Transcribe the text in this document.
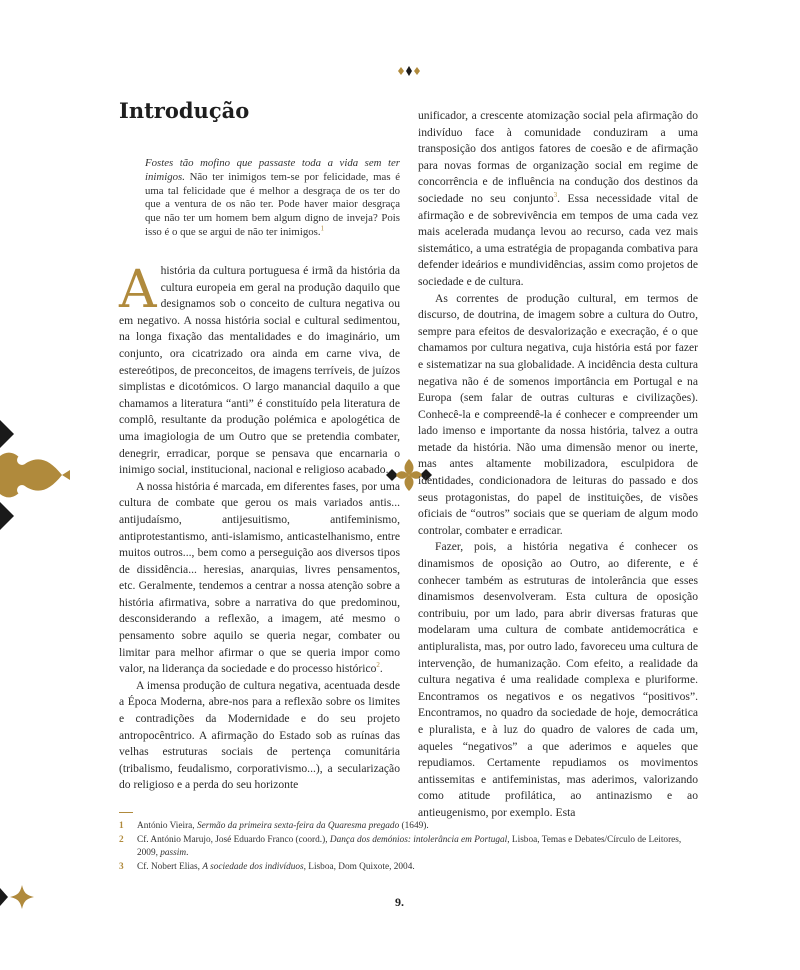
Introdução

Fostes tão mofino que passaste toda a vida sem ter inimigos. Não ter inimigos tem-se por felicidade, mas é uma tal felicidade que é melhor a desgraça de os ter do que a ventura de os não ter. Pode haver maior desgraça que não ter um homem bem algum digno de inveja? Pois isso é o que se argui de não ter inimigos.$^1$

Ahistória da cultura portuguesa é irmã da história da cultura europeia em geral na produção daquilo que designamos sob o conceito de cultura negativa ou em negativo. A nossa história social e cultural sedimentou, na longa fixação das mentalidades e do imaginário, um conjunto, ora cicatrizado ora ainda em carne viva, de estereótipos, de preconceitos, de imagens terríveis, de juízos simplistas e dicotómicos. O largo manancial daquilo a que chamamos a literatura “anti” é constituído pela literatura de complô, resultante da produção polémica e apologética de uma imagiologia de um Outro que se pretendia combater, denegrir, erradicar, porque se pensava que encarnaria o inimigo social, institucional, nacional e religioso acabado.

A nossa história é marcada, em diferentes fases, por uma cultura de combate que gerou os mais variados antis... antijudaísmo, antijesuitismo, antifeminismo, antiprotestantismo, anti-islamismo, anticastelhanismo, entre muitos outros..., bem como a perseguição aos diversos tipos de dissidência... heresias, anarquias, livres pensamentos, etc. Geralmente, tendemos a centrar a nossa atenção sobre a história afirmativa, sobre a narrativa do que predominou, desconsiderando a reflexão, a imagem, até mesmo o pensamento sobre aquilo se queria negar, combater ou limitar para melhor afirmar o que se queria impor como valor, na liderança da sociedade e do processo histórico$^2$.

A imensa produção de cultura negativa, acentuada desde a Época Moderna, abre-nos para a reflexão sobre os limites e contradições da Modernidade e do seu projeto antropocêntrico. A afirmação do Estado sob as ruínas das velhas estruturas sociais de pertença comunitária (tribalismo, feudalismo, corporativismo...), a secularização do religioso e a perda do seu horizonte

unificador, a crescente atomização social pela afirmação do indivíduo face à comunidade conduziram a uma transposição dos antigos fatores de coesão e de afirmação para novas formas de organização social em regime de concorrência e de influência na condução dos destinos da sociedade no seu conjunto$^3$. Essa necessidade vital de afirmação e de sobrevivência em tempos de uma cada vez mais acelerada mudança levou ao recurso, cada vez mais sistemático, a uma estratégia de propaganda combativa para defender ideários e mundividências, assim como projetos de sociedade e de cultura.

As correntes de produção cultural, em termos de discurso, de doutrina, de imagem sobre a cultura do Outro, sempre para efeitos de desvalorização e execração, é o que chamamos por cultura negativa, cuja história está por fazer e sistematizar na sua globalidade. A incidência desta cultura negativa não é de somenos importância em Portugal e na Europa (sem falar de outras culturas e civilizações). Conhecê-la e compreendê-la é conhecer e compreender um lado imenso e importante da nossa história, talvez a outra metade da história. Não uma dimensão menor ou inerte, mas antes altamente mobilizadora, esculpidora de identidades, condicionadora de leituras do passado e dos seus protagonistas, do papel de instituições, de visões oficiais de “outros” sociais que se queriam de algum modo controlar, combater e erradicar.

Fazer, pois, a história negativa é conhecer os dinamismos de oposição ao Outro, ao diferente, e é conhecer também as estruturas de intolerância que esses dinamismos desenvolveram. Esta cultura de oposição contribuiu, por um lado, para abrir diversas fraturas que modelaram uma cultura de combate antidemocrática e antipluralista, mas, por outro lado, favoreceu uma cultura de intervenção, de humanização. Com efeito, a realidade da cultura negativa é uma realidade complexa e pluriforme. Encontramos os negativos e os negativos “positivos”. Encontramos, no quadro da sociedade de hoje, democrática e pluralista, e à luz do quadro de valores de cada um, aqueles “negativos” a que aderimos e aqueles que repudiamos. Certamente repudiamos os movimentos antissemitas e antifeministas, mas aderimos, valorizando como atitude profilática, ao antinazismo e ao antieugenismo, por exemplo. Esta

1	António Vieira, Sermão da primeira sexta-feira da Quaresma pregado (1649).
2	Cf. António Marujo, José Eduardo Franco (coord.), Dança dos demónios: intolerância em Portugal, Lisboa, Temas e Debates/Círculo de Leitores, 2009, passim.
3	Cf. Nobert Elias, A sociedade dos indivíduos, Lisboa, Dom Quixote, 2004.
9.
